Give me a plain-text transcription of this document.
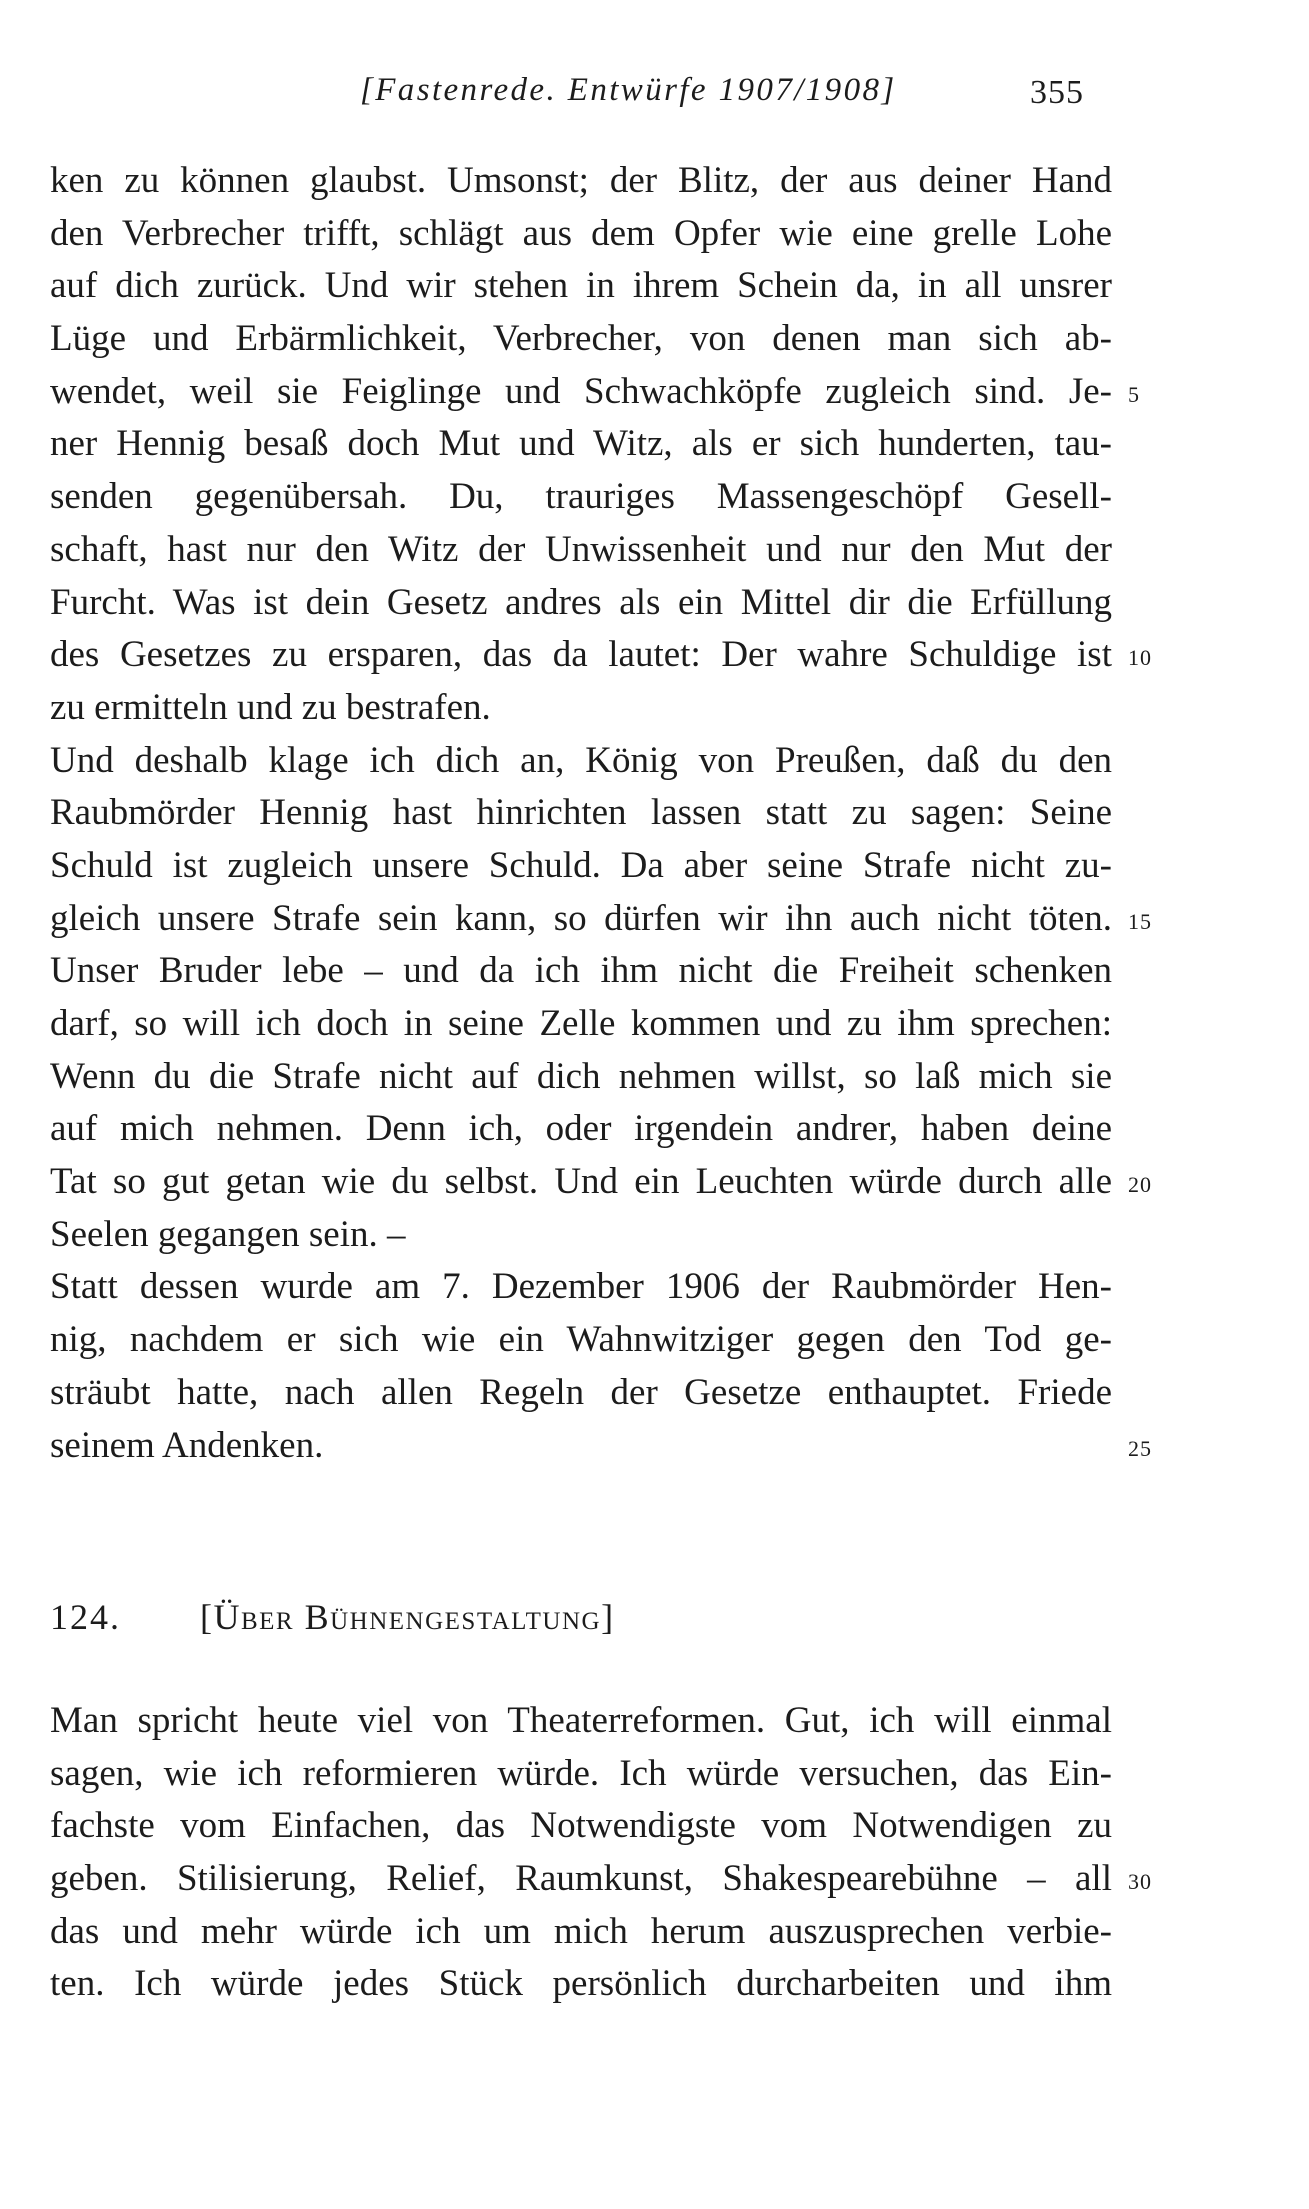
[Fastenrede. Entwürfe 1907/1908]	355
ken zu können glaubst. Umsonst; der Blitz, der aus deiner Hand
den Verbrecher trifft, schlägt aus dem Opfer wie eine grelle Lohe
auf dich zurück. Und wir stehen in ihrem Schein da, in all unsrer
Lüge und Erbärmlichkeit, Verbrecher, von denen man sich ab-
wendet, weil sie Feiglinge und Schwachköpfe zugleich sind. Je- 5
ner Hennig besaß doch Mut und Witz, als er sich hunderten, tau-
senden gegenübersah. Du, trauriges Massengeschöpf Gesell-
schaft, hast nur den Witz der Unwissenheit und nur den Mut der
Furcht. Was ist dein Gesetz andres als ein Mittel dir die Erfüllung
des Gesetzes zu ersparen, das da lautet: Der wahre Schuldige ist 10
zu ermitteln und zu bestrafen.
Und deshalb klage ich dich an, König von Preußen, daß du den
Raubmörder Hennig hast hinrichten lassen statt zu sagen: Seine
Schuld ist zugleich unsere Schuld. Da aber seine Strafe nicht zu-
gleich unsere Strafe sein kann, so dürfen wir ihn auch nicht töten. 15
Unser Bruder lebe – und da ich ihm nicht die Freiheit schenken
darf, so will ich doch in seine Zelle kommen und zu ihm sprechen:
Wenn du die Strafe nicht auf dich nehmen willst, so laß mich sie
auf mich nehmen. Denn ich, oder irgendein andrer, haben deine
Tat so gut getan wie du selbst. Und ein Leuchten würde durch alle 20
Seelen gegangen sein. –
Statt dessen wurde am 7. Dezember 1906 der Raubmörder Hen-
nig, nachdem er sich wie ein Wahnwitziger gegen den Tod ge-
sträubt hatte, nach allen Regeln der Gesetze enthauptet. Friede
seinem Andenken.	25
124. [Über Bühnengestaltung]
Man spricht heute viel von Theaterreformen. Gut, ich will einmal
sagen, wie ich reformieren würde. Ich würde versuchen, das Ein-
fachste vom Einfachen, das Notwendigste vom Notwendigen zu
geben. Stilisierung, Relief, Raumkunst, Shakespearebühne – all 30
das und mehr würde ich um mich herum auszusprechen verbie-
ten. Ich würde jedes Stück persönlich durcharbeiten und ihm
